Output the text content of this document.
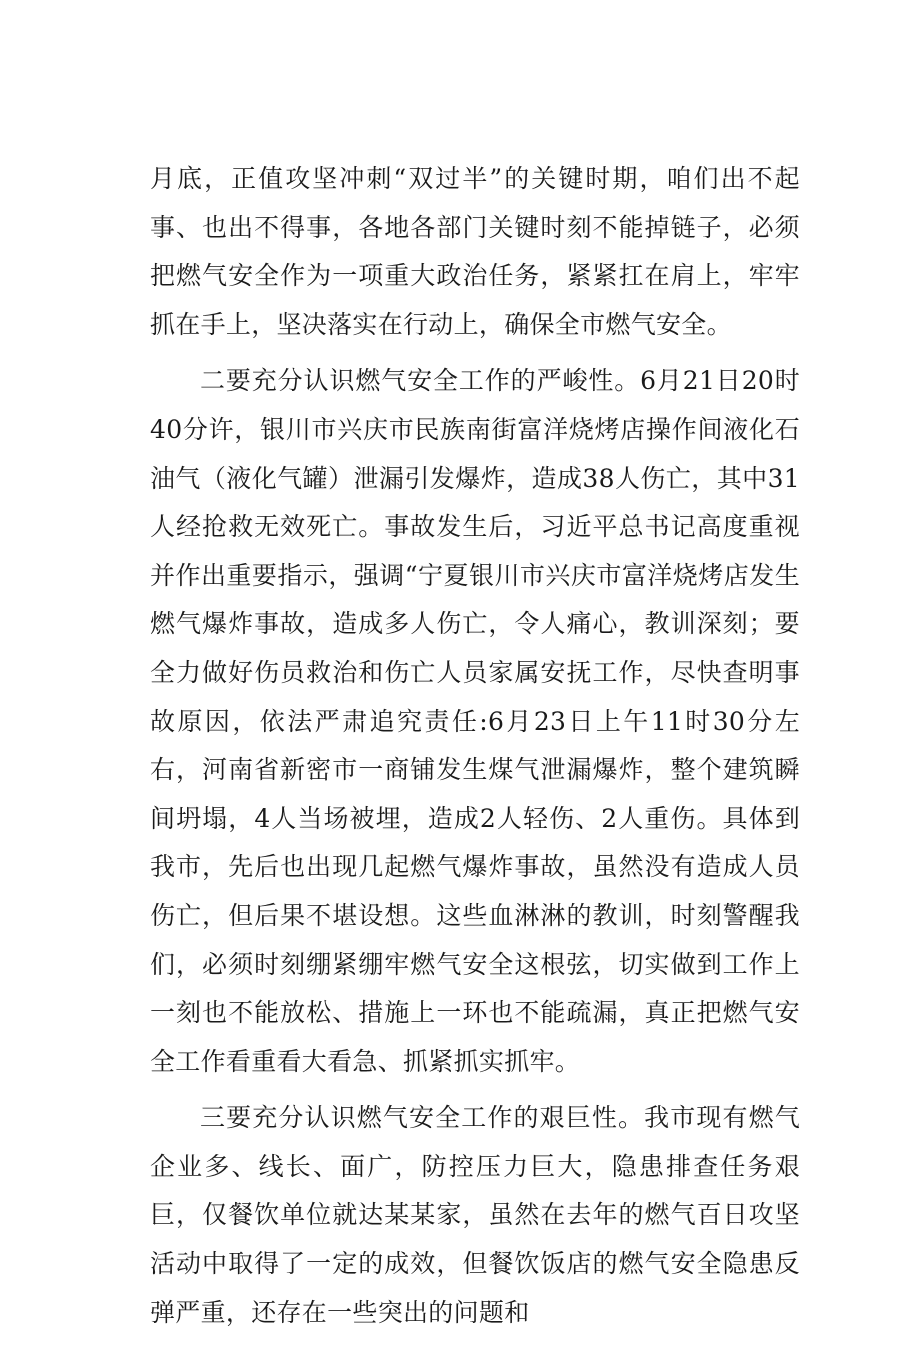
月底，正值攻坚冲刺“双过半”的关键时期，咱们出不起事、也出不得事，各地各部门关键时刻不能掉链子，必须把燃气安全作为一项重大政治任务，紧紧扛在肩上，牢牢抓在手上，坚决落实在行动上，确保全市燃气安全。

二要充分认识燃气安全工作的严峻性。6月21日20时40分许，银川市兴庆市民族南街富洋烧烤店操作间液化石油气（液化气罐）泄漏引发爆炸，造成38人伤亡，其中31人经抢救无效死亡。事故发生后，习近平总书记高度重视并作出重要指示，强调“宁夏银川市兴庆市富洋烧烤店发生燃气爆炸事故，造成多人伤亡，令人痛心，教训深刻；要全力做好伤员救治和伤亡人员家属安抚工作，尽快查明事故原因，依法严肃追究责任:6月23日上午11时30分左右，河南省新密市一商铺发生煤气泄漏爆炸，整个建筑瞬间坍塌，4人当场被埋，造成2人轻伤、2人重伤。具体到我市，先后也出现几起燃气爆炸事故，虽然没有造成人员伤亡，但后果不堪设想。这些血淋淋的教训，时刻警醒我们，必须时刻绷紧绷牢燃气安全这根弦，切实做到工作上一刻也不能放松、措施上一环也不能疏漏，真正把燃气安全工作看重看大看急、抓紧抓实抓牢。

三要充分认识燃气安全工作的艰巨性。我市现有燃气企业多、线长、面广，防控压力巨大，隐患排查任务艰巨，仅餐饮单位就达某某家，虽然在去年的燃气百日攻坚活动中取得了一定的成效，但餐饮饭店的燃气安全隐患反弹严重，还存在一些突出的问题和
